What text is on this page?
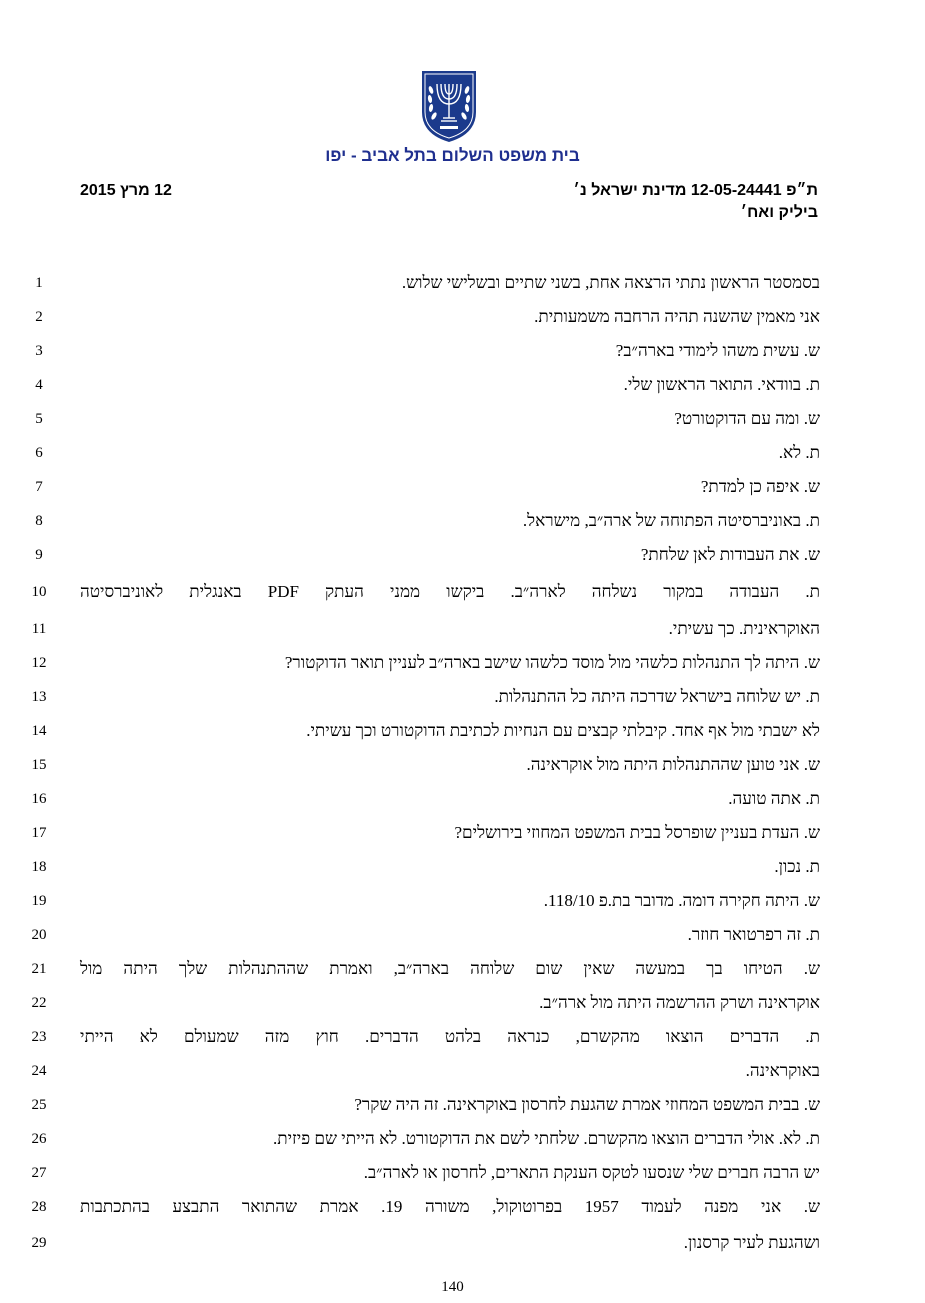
בית משפט השלום בתל אביב - יפו
ת״פ 12-05-24441 מדינת ישראל נ׳
ביליק ואח׳
12 מרץ 2015
1	בסמסטר הראשון נתתי הרצאה אחת, בשני שתיים ובשלישי שלוש.
2	אני מאמין שהשנה תהיה הרחבה משמעותית.
3	ש. עשית משהו לימודי בארה״ב?
4	ת. בוודאי. התואר הראשון שלי.
5	ש. ומה עם הדוקטורט?
6	ת. לא.
7	ש. איפה כן למדת?
8	ת. באוניברסיטה הפתוחה של ארה״ב, מישראל.
9	ש. את העבודות לאן שלחת?
10	ת. העבודה במקור נשלחה לארה״ב. ביקשו ממני העתק PDF באנגלית לאוניברסיטה
11	האוקראינית. כך עשיתי.
12	ש. היתה לך התנהלות כלשהי מול מוסד כלשהו שישב בארה״ב לעניין תואר הדוקטור?
13	ת. יש שלוחה בישראל שדרכה היתה כל ההתנהלות.
14	לא ישבתי מול אף אחד. קיבלתי קבצים עם הנחיות לכתיבת הדוקטורט וכך עשיתי.
15	ש. אני טוען שההתנהלות היתה מול אוקראינה.
16	ת. אתה טועה.
17	ש. העדת בעניין שופרסל בבית המשפט המחוזי בירושלים?
18	ת. נכון.
19	ש. היתה חקירה דומה. מדובר בת.פ 118/10.
20	ת. זה רפרטואר חוזר.
21	ש. הטיחו בך במעשה שאין שום שלוחה בארה״ב, ואמרת שההתנהלות שלך היתה מול
22	אוקראינה ושרק ההרשמה היתה מול ארה״ב.
23	ת. הדברים הוצאו מהקשרם, כנראה בלהט הדברים. חוץ מזה שמעולם לא הייתי
24	באוקראינה.
25	ש. בבית המשפט המחוזי אמרת שהגעת לחרסון באוקראינה. זה היה שקר?
26	ת. לא. אולי הדברים הוצאו מהקשרם. שלחתי לשם את הדוקטורט. לא הייתי שם פיזית.
27	יש הרבה חברים שלי שנסעו לטקס הענקת התארים, לחרסון או לארה״ב.
28	ש. אני מפנה לעמוד 1957 בפרוטוקול, משורה 19. אמרת שהתואר התבצע בהתכתבות
29	ושהגעת לעיר קרסנון.
140
